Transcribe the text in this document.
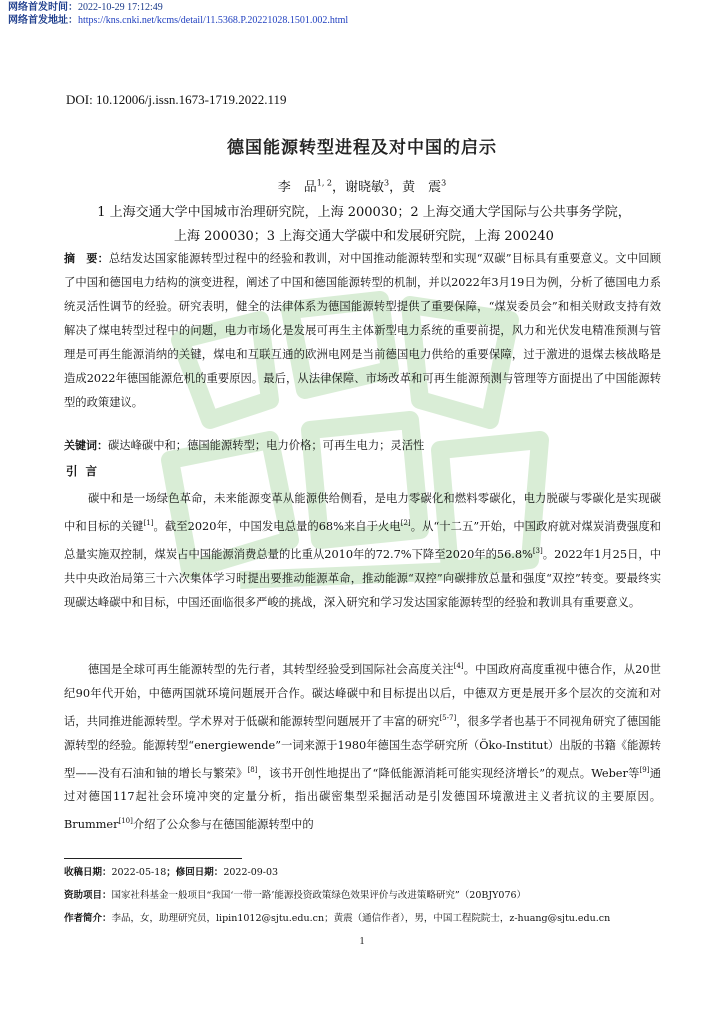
网络首发时间：2022-10-29 17:12:49
网络首发地址：https://kns.cnki.net/kcms/detail/11.5368.P.20221028.1501.002.html
DOI: 10.12006/j.issn.1673-1719.2022.119
德国能源转型进程及对中国的启示
李　品$^{1, 2}$，谢晓敏$^3$，黄　震$^3$
1 上海交通大学中国城市治理研究院，上海 200030；2 上海交通大学国际与公共事务学院，
上海 200030；3 上海交通大学碳中和发展研究院，上海 200240
摘　要：总结发达国家能源转型过程中的经验和教训，对中国推动能源转型和实现“双碳”目标具有重要意义。文中回顾了中国和德国电力结构的演变进程，阐述了中国和德国能源转型的机制，并以2022年3月19日为例，分析了德国电力系统灵活性调节的经验。研究表明，健全的法律体系为德国能源转型提供了重要保障，“煤炭委员会”和相关财政支持有效解决了煤电转型过程中的问题，电力市场化是发展可再生主体新型电力系统的重要前提，风力和光伏发电精准预测与管理是可再生能源消纳的关键，煤电和互联互通的欧洲电网是当前德国电力供给的重要保障，过于激进的退煤去核战略是造成2022年德国能源危机的重要原因。最后，从法律保障、市场改革和可再生能源预测与管理等方面提出了中国能源转型的政策建议。
关键词：碳达峰碳中和；德国能源转型；电力价格；可再生电力；灵活性
引言
碳中和是一场绿色革命，未来能源变革从能源供给侧看，是电力零碳化和燃料零碳化，电力脱碳与零碳化是实现碳中和目标的关键[1]。截至2020年，中国发电总量的68%来自于火电[2]。从“十二五”开始，中国政府就对煤炭消费强度和总量实施双控制，煤炭占中国能源消费总量的比重从2010年的72.7%下降至2020年的56.8%[3]。2022年1月25日，中共中央政治局第三十六次集体学习时提出要推动能源革命，推动能源“双控”向碳排放总量和强度“双控”转变。要最终实现碳达峰碳中和目标，中国还面临很多严峻的挑战，深入研究和学习发达国家能源转型的经验和教训具有重要意义。
德国是全球可再生能源转型的先行者，其转型经验受到国际社会高度关注[4]。中国政府高度重视中德合作，从20世纪90年代开始，中德两国就环境问题展开合作。碳达峰碳中和目标提出以后，中德双方更是展开多个层次的交流和对话，共同推进能源转型。学术界对于低碳和能源转型问题展开了丰富的研究[5-7]，很多学者也基于不同视角研究了德国能源转型的经验。能源转型“energiewende”一词来源于1980年德国生态学研究所（Öko-Institut）出版的书籍《能源转型——没有石油和铀的增长与繁荣》[8]，该书开创性地提出了“降低能源消耗可能实现经济增长”的观点。Weber等[9]通过对德国117起社会环境冲突的定量分析，指出碳密集型采掘活动是引发德国环境激进主义者抗议的主要原因。Brummer[10]介绍了公众参与在德国能源转型中的
收稿日期：2022-05-18；修回日期：2022-09-03
资助项目：国家社科基金一般项目“我国‘一带一路’能源投资政策绿色效果评价与改进策略研究”（20BJY076）
作者简介：李品，女，助理研究员，lipin1012@sjtu.edu.cn；黄震（通信作者），男，中国工程院院士，z-huang@sjtu.edu.cn
1
